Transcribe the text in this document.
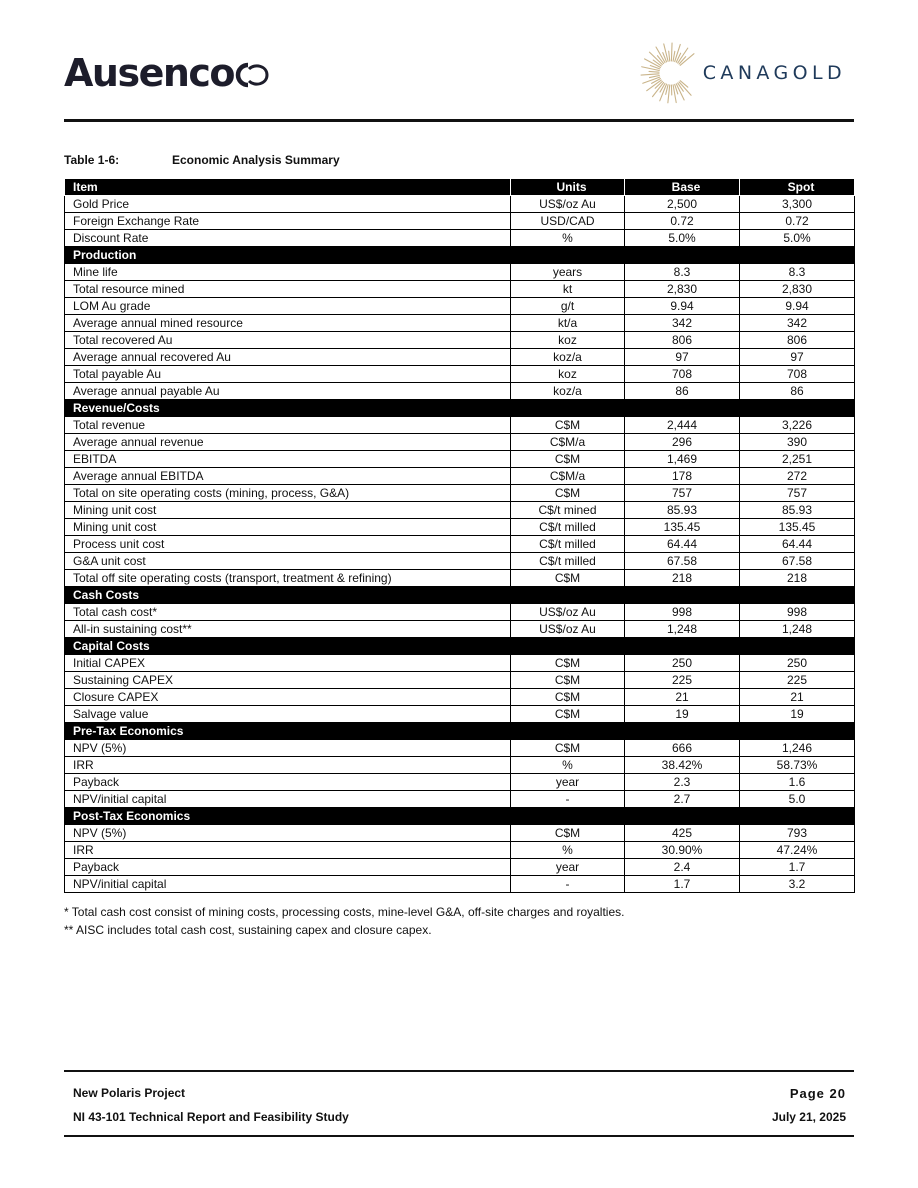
Ausenco	CANAGOLD
Table 1-6:	Economic Analysis Summary
Item	Units	Base	Spot
Gold Price	US$/oz Au	2,500	3,300
Foreign Exchange Rate	USD/CAD	0.72	0.72
Discount Rate	%	5.0%	5.0%
Production			
Mine life	years	8.3	8.3
Total resource mined	kt	2,830	2,830
LOM Au grade	g/t	9.94	9.94
Average annual mined resource	kt/a	342	342
Total recovered Au	koz	806	806
Average annual recovered Au	koz/a	97	97
Total payable Au	koz	708	708
Average annual payable Au	koz/a	86	86
Revenue/Costs			
Total revenue	C$M	2,444	3,226
Average annual revenue	C$M/a	296	390
EBITDA	C$M	1,469	2,251
Average annual EBITDA	C$M/a	178	272
Total on site operating costs (mining, process, G&A)	C$M	757	757
Mining unit cost	C$/t mined	85.93	85.93
Mining unit cost	C$/t milled	135.45	135.45
Process unit cost	C$/t milled	64.44	64.44
G&A unit cost	C$/t milled	67.58	67.58
Total off site operating costs (transport, treatment & refining)	C$M	218	218
Cash Costs			
Total cash cost*	US$/oz Au	998	998
All-in sustaining cost**	US$/oz Au	1,248	1,248
Capital Costs			
Initial CAPEX	C$M	250	250
Sustaining CAPEX	C$M	225	225
Closure CAPEX	C$M	21	21
Salvage value	C$M	19	19
Pre-Tax Economics			
NPV (5%)	C$M	666	1,246
IRR	%	38.42%	58.73%
Payback	year	2.3	1.6
NPV/initial capital	-	2.7	5.0
Post-Tax Economics			
NPV (5%)	C$M	425	793
IRR	%	30.90%	47.24%
Payback	year	2.4	1.7
NPV/initial capital	-	1.7	3.2
* Total cash cost consist of mining costs, processing costs, mine-level G&A, off-site charges and royalties.
** AISC includes total cash cost, sustaining capex and closure capex.
New Polaris Project	Page 20
NI 43-101 Technical Report and Feasibility Study	July 21, 2025
